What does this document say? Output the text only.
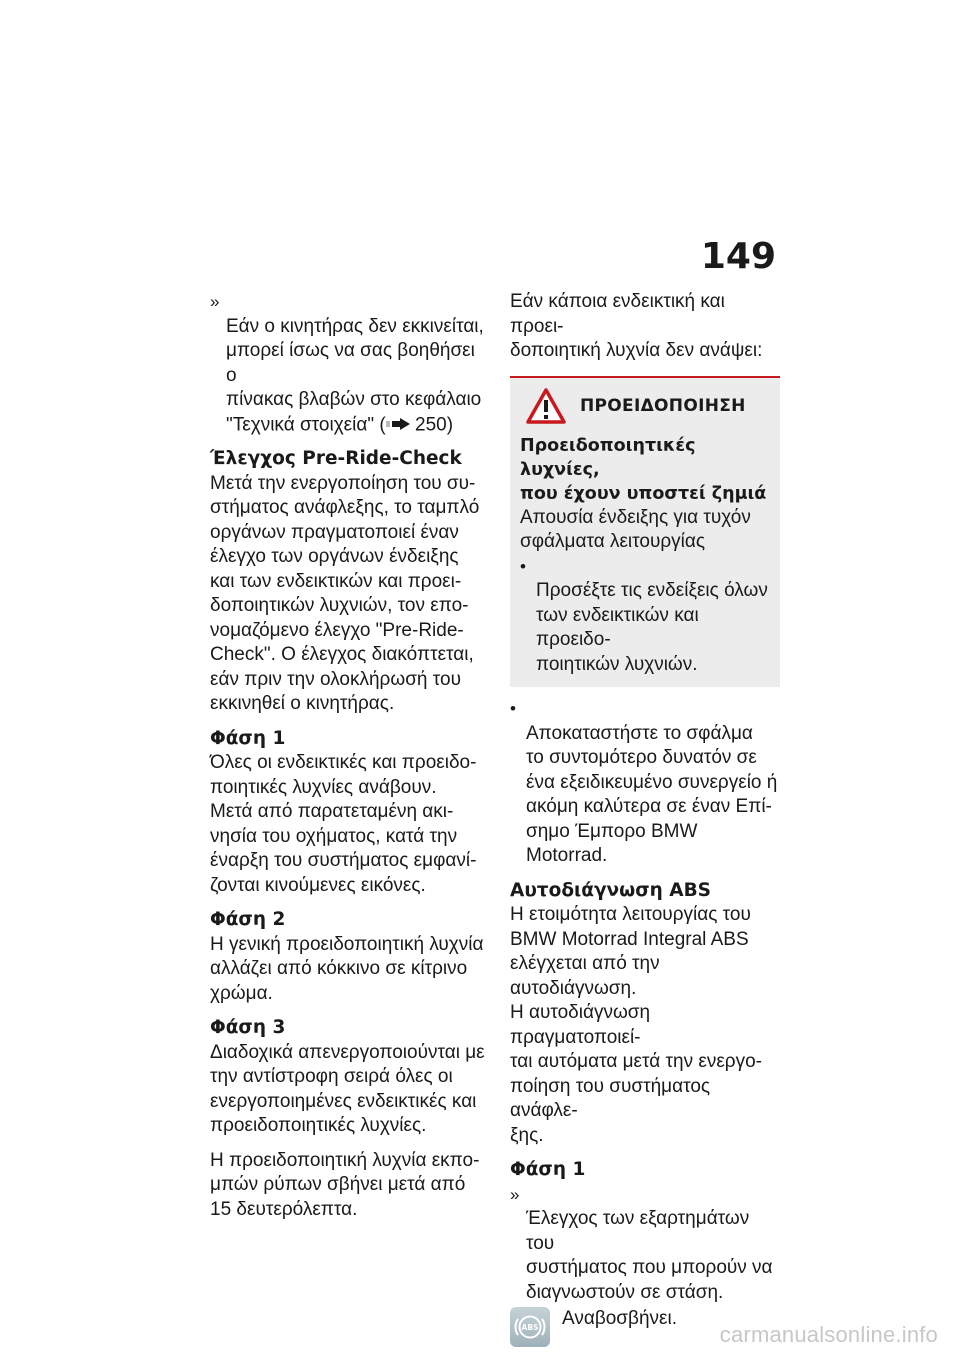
149

»
Εάν ο κινητήρας δεν εκκινείται,
μπορεί ίσως να σας βοηθήσει ο
πίνακας βλαβών στο κεφάλαιο
"Τεχνικά στοιχεία" ( 250)

Έλεγχος Pre-Ride-Check

Μετά την ενεργοποίηση του συ-
στήματος ανάφλεξης, το ταμπλό
οργάνων πραγματοποιεί έναν
έλεγχο των οργάνων ένδειξης
και των ενδεικτικών και προει-
δοποιητικών λυχνιών, τον επο-
νομαζόμενο έλεγχο "Pre-Ride-
Check". Ο έλεγχος διακόπτεται,
εάν πριν την ολοκλήρωσή του
εκκινηθεί ο κινητήρας.

Φάση 1

Όλες οι ενδεικτικές και προειδο-
ποιητικές λυχνίες ανάβουν.
Μετά από παρατεταμένη ακι-
νησία του οχήματος, κατά την
έναρξη του συστήματος εμφανί-
ζονται κινούμενες εικόνες.

Φάση 2

Η γενική προειδοποιητική λυχνία
αλλάζει από κόκκινο σε κίτρινο
χρώμα.

Φάση 3

Διαδοχικά απενεργοποιούνται με
την αντίστροφη σειρά όλες οι
ενεργοποιημένες ενδεικτικές και
προειδοποιητικές λυχνίες.

Η προειδοποιητική λυχνία εκπο-
μπών ρύπων σβήνει μετά από
15 δευτερόλεπτα.

Εάν κάποια ενδεικτική και προει-
δοποιητική λυχνία δεν ανάψει:

ΠΡΟΕΙΔΟΠΟΙΗΣΗ

Προειδοποιητικές λυχνίες,
που έχουν υποστεί ζημιά

Απουσία ένδειξης για τυχόν
σφάλματα λειτουργίας

•
Προσέξτε τις ενδείξεις όλων
των ενδεικτικών και προειδο-
ποιητικών λυχνιών.

•
Αποκαταστήστε το σφάλμα
το συντομότερο δυνατόν σε
ένα εξειδικευμένο συνεργείο ή
ακόμη καλύτερα σε έναν Επί-
σημο Έμπορο BMW Motorrad.

Αυτοδιάγνωση ABS

Η ετοιμότητα λειτουργίας του
BMW Motorrad Integral ABS
ελέγχεται από την αυτοδιάγνωση.
Η αυτοδιάγνωση πραγματοποιεί-
ται αυτόματα μετά την ενεργο-
ποίηση του συστήματος ανάφλε-
ξης.

Φάση 1

»
Έλεγχος των εξαρτημάτων του
συστήματος που μπορούν να
διαγνωστούν σε στάση.

ABS Αναβοσβήνει.
carmanualsonline.info
